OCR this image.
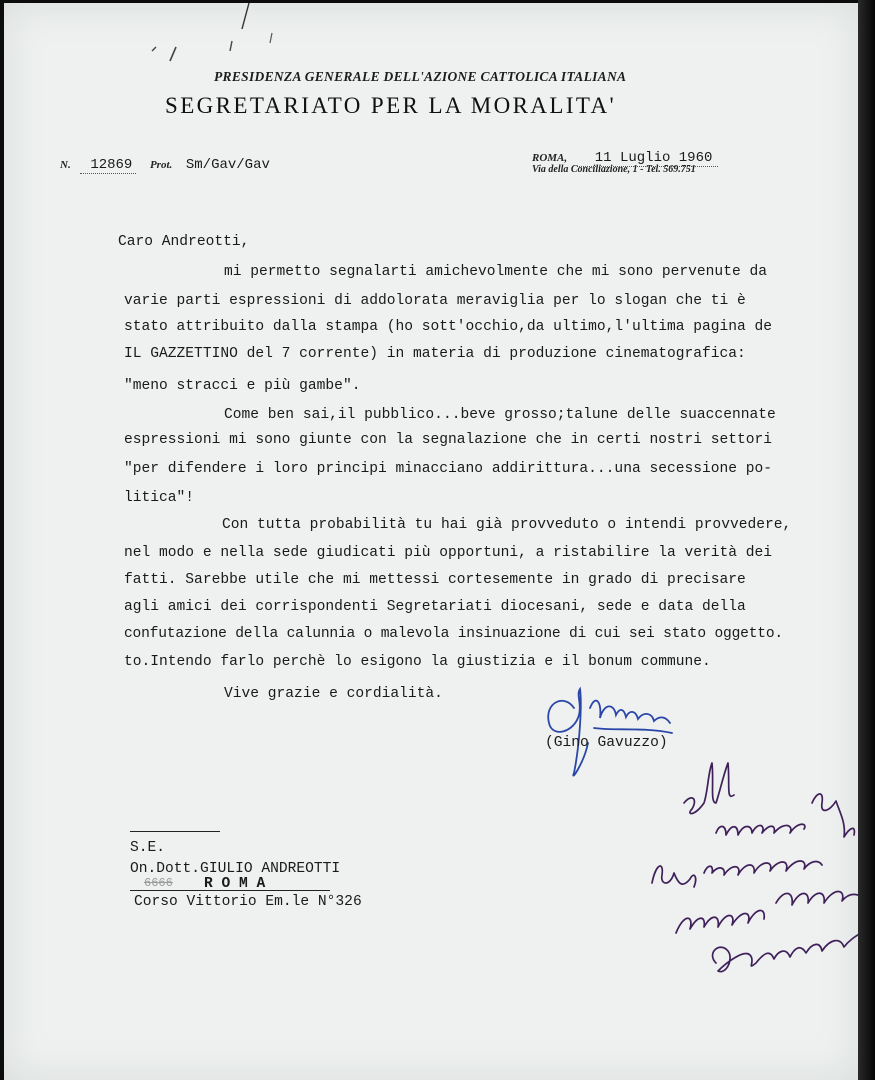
PRESIDENZA GENERALE DELL'AZIONE CATTOLICA ITALIANA
SEGRETARIATO PER LA MORALITA'
N. 12869 Prot. Sm/Gav/Gav	ROMA, 11 Luglio 1960
Via della Conciliazione, 1 - Tel. 569.751
Caro Andreotti,
mi permetto segnalarti amichevolmente che mi sono pervenute da
varie parti espressioni di addolorata meraviglia per lo slogan che ti è
stato attribuito dalla stampa (ho sott'occhio,da ultimo,l'ultima pagina de
IL GAZZETTINO del 7 corrente) in materia di produzione cinematografica:
"meno stracci e più gambe".
Come ben sai,il pubblico...beve grosso;talune delle suaccennate
espressioni mi sono giunte con la segnalazione che in certi nostri settori
"per difendere i loro principi minacciano addirittura...una secessione po-
litica"!
Con tutta probabilità tu hai già provveduto o intendi provvedere,
nel modo e nella sede giudicati più opportuni, a ristabilire la verità dei
fatti. Sarebbe utile che mi mettessi cortesemente in grado di precisare
agli amici dei corrispondenti Segretariati diocesani, sede e data della
confutazione della calunnia o malevola insinuazione di cui sei stato oggetto.
to.Intendo farlo perchè lo esigono la giustizia e il bonum commune.
Vive grazie e cordialità.
(Gino Gavuzzo)
S.E.
On.Dott.GIULIO ANDREOTTI
6666 R O M A
Corso Vittorio Em.le N°326
